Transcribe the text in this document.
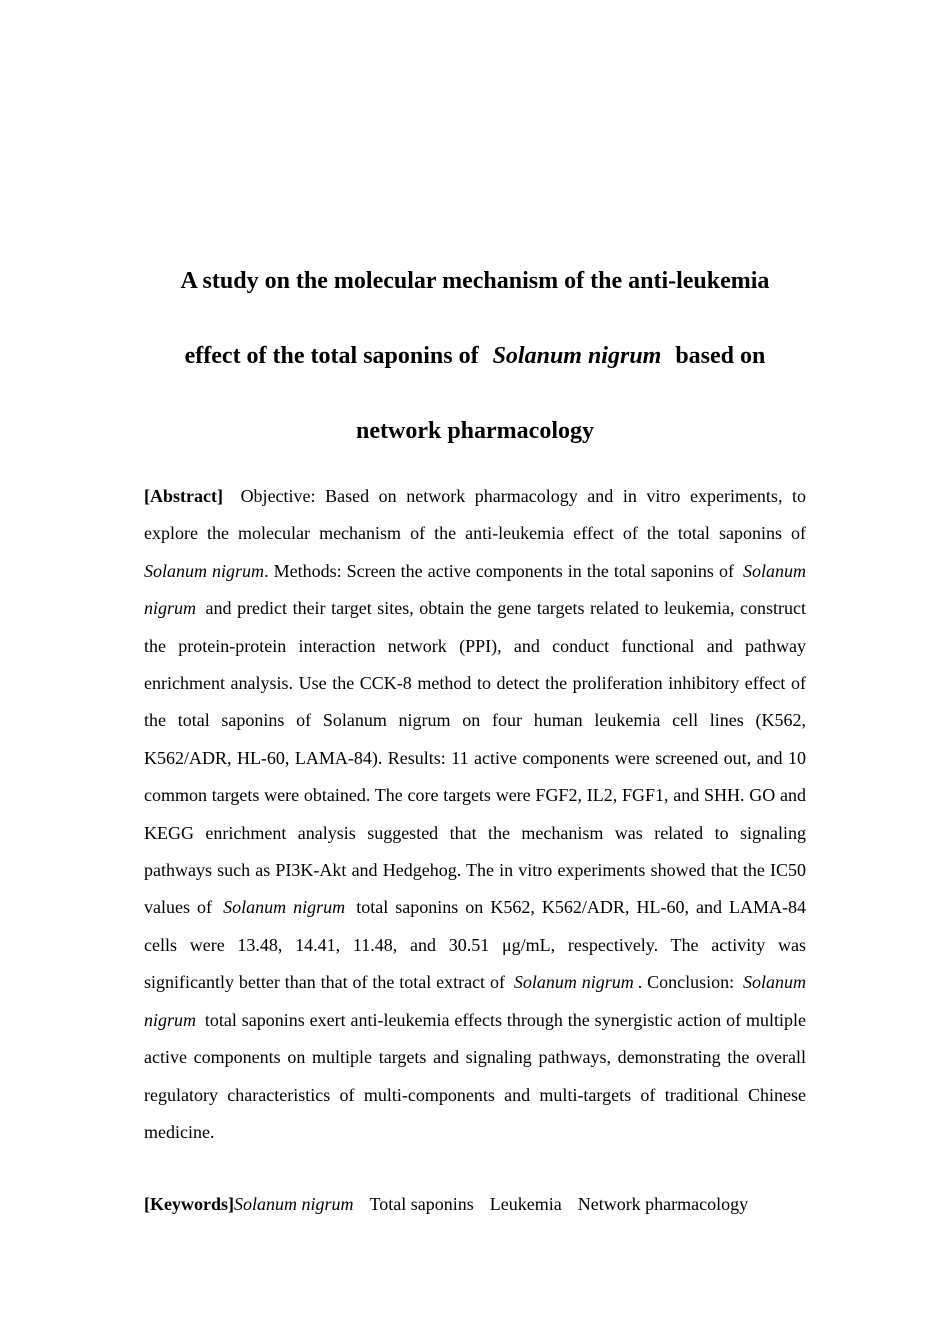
A study on the molecular mechanism of the anti-leukemia
effect of the total saponins of Solanum nigrum based on
network pharmacology
[Abstract] Objective: Based on network pharmacology and in vitro experiments, to explore the molecular mechanism of the anti-leukemia effect of the total saponins of Solanum nigrum. Methods: Screen the active components in the total saponins of Solanum nigrum and predict their target sites, obtain the gene targets related to leukemia, construct the protein-protein interaction network (PPI), and conduct functional and pathway enrichment analysis. Use the CCK-8 method to detect the proliferation inhibitory effect of the total saponins of Solanum nigrum on four human leukemia cell lines (K562, K562/ADR, HL-60, LAMA-84). Results: 11 active components were screened out, and 10 common targets were obtained. The core targets were FGF2, IL2, FGF1, and SHH. GO and KEGG enrichment analysis suggested that the mechanism was related to signaling pathways such as PI3K-Akt and Hedgehog. The in vitro experiments showed that the IC50 values of Solanum nigrum total saponins on K562, K562/ADR, HL-60, and LAMA-84 cells were 13.48, 14.41, 11.48, and 30.51 μg/mL, respectively. The activity was significantly better than that of the total extract of Solanum nigrum . Conclusion: Solanum nigrum total saponins exert anti-leukemia effects through the synergistic action of multiple active components on multiple targets and signaling pathways, demonstrating the overall regulatory characteristics of multi-components and multi-targets of traditional Chinese medicine.
[Keywords]Solanum nigrum Total saponins Leukemia Network pharmacology
